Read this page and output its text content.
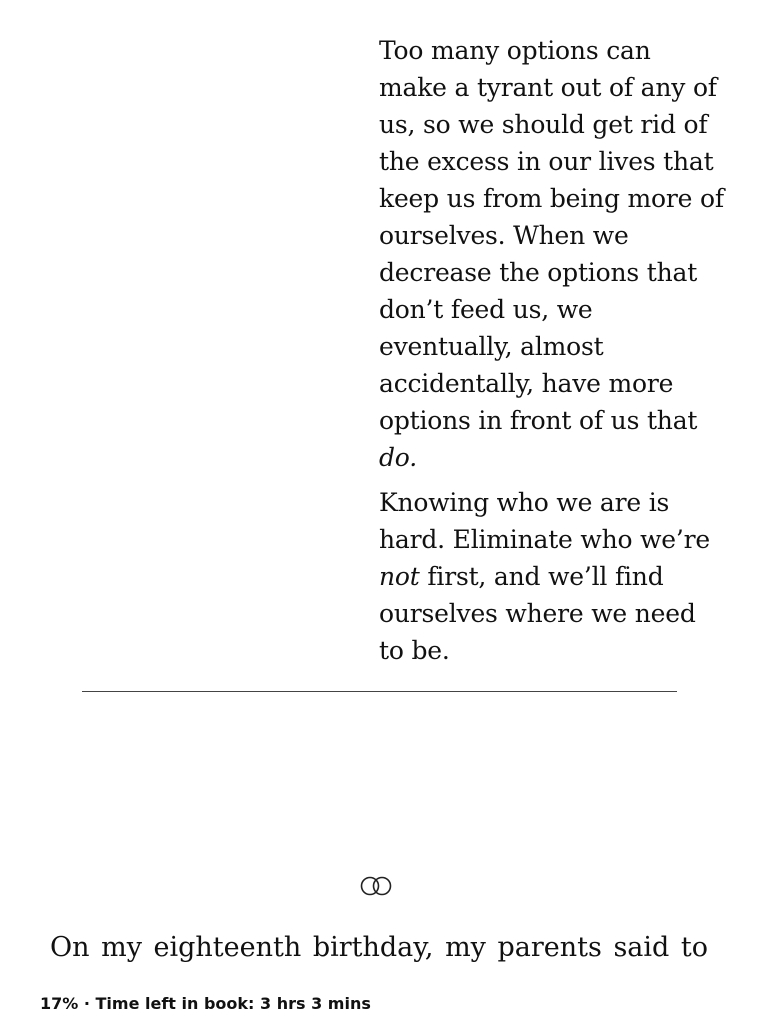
Too many options can
make a tyrant out of any of
us, so we should get rid of
the excess in our lives that
keep us from being more of
ourselves. When we
decrease the options that
don’t feed us, we
eventually, almost
accidentally, have more
options in front of us that
do.

Knowing who we are is
hard. Eliminate who we’re
not first, and we’ll find
ourselves where we need
to be.

On my eighteenth birthday, my parents said to
17% · Time left in book: 3 hrs 3 mins
